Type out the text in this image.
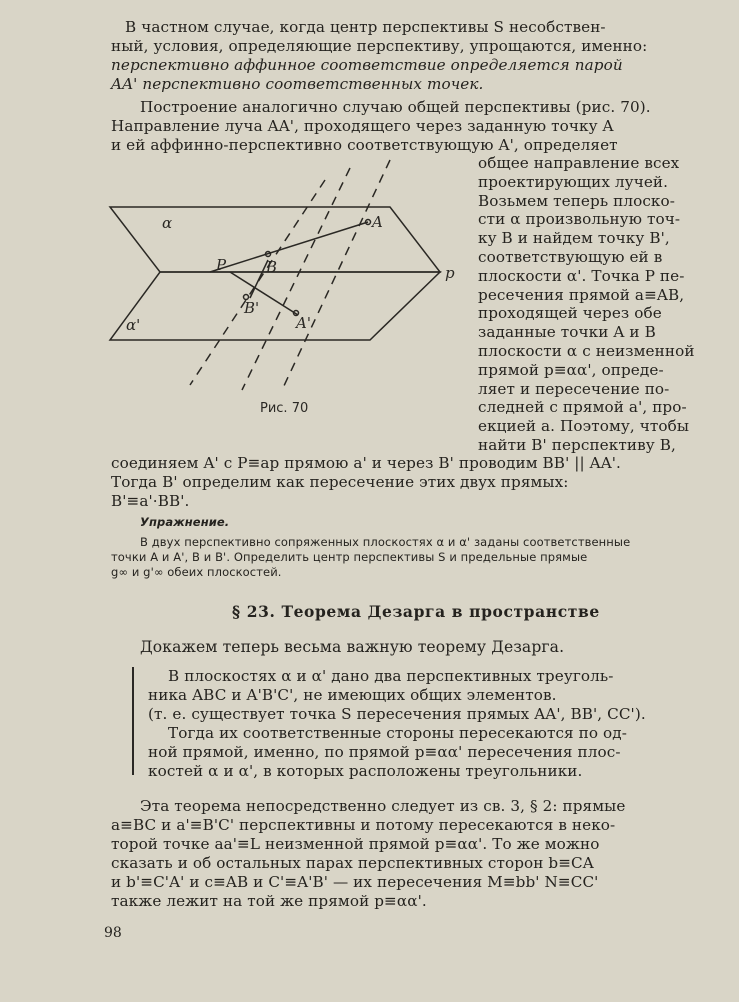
В частном случае, когда центр перспективы S несобствен-

ный, условия, определяющие перспективу, упрощаются, именно:

перспективно аффинное соответствие определяется парой

AA' перспективно соответственных точек.

Построение аналогично случаю общей перспективы (рис. 70).

Направление луча AA', проходящего через заданную точку A

и ей аффинно-перспективно соответствующую A', определяет

общее направление всех

проектирующих лучей.

Возьмем теперь плоско-

сти α произвольную точ-

ку B и найдем точку B',

соответствующую ей в

плоскости α'. Точка P пе-

ресечения прямой a≡AB,

проходящей через обе

заданные точки A и B

плоскости α с неизменной

прямой p≡αα', опреде-

ляет и пересечение по-

следней с прямой a', про-

екцией a. Поэтому, чтобы

найти B' перспективу B,

α
α'
A
B
A'
B'
P	p
Рис. 70

соединяем A' с P≡ap прямою a' и через B' проводим BB' || AA'.

Тогда B' определим как пересечение этих двух прямых:

B'≡a'·BB'.

Упражнение.

В двух перспективно сопряженных плоскостях α и α' заданы соответственные

точки A и A', B и B'. Определить центр перспективы S и предельные прямые

g∞ и g'∞ обеих плоскостей.

§ 23. Теорема Дезарга в пространстве

Докажем теперь весьма важную теорему Дезарга.

В плоскостях α и α' дано два перспективных треуголь-

ника ABC и A'B'C', не имеющих общих элементов.

(т. е. существует точка S пересечения прямых AA', BB', CC').

Тогда их соответственные стороны пересекаются по од-

ной прямой, именно, по прямой p≡αα' пересечения плос-

костей α и α', в которых расположены треугольники.

Эта теорема непосредственно следует из св. 3, § 2: прямые

a≡BC и a'≡B'C' перспективны и потому пересекаются в неко-

торой точке aa'≡L неизменной прямой p≡αα'. То же можно

сказать и об остальных парах перспективных сторон b≡CA

и b'≡C'A' и c≡AB и C'≡A'B' — их пересечения M≡bb' N≡CC'

также лежит на той же прямой p≡αα'.

98
